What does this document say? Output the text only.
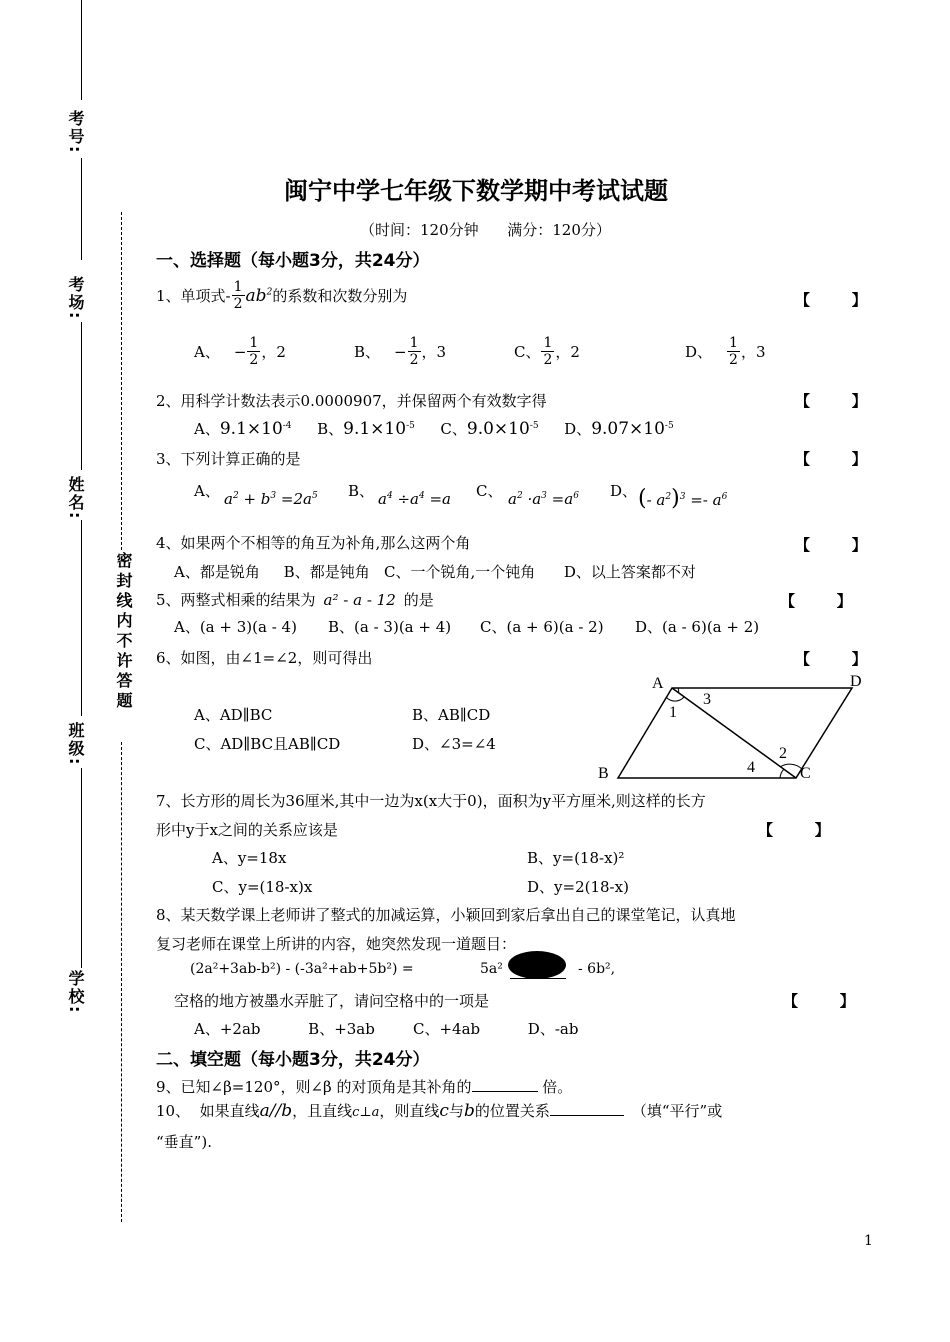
考号:
考场:
姓名:
班级:
学校:
密封线内不许答题
闽宁中学七年级下数学期中考试试题
（时间：120分钟      满分：120分）
一、选择题（每小题3分，共24分）
1、单项式- $\frac{1}{2} ab^2$ 的系数和次数分别为	【        】
A、 − $\frac{1}{2}$ ，2	B、 − $\frac{1}{2}$ ，3	C、 $\frac{1}{2}$ ，2	D、 $\frac{1}{2}$ ，3
2、用科学计数法表示0.0000907，并保留两个有效数字得	【        】
A、$9.1\times 10^{-4}$ B、$9.1\times 10^{-5}$ C、$9.0\times 10^{-5}$ D、$9.07\times 10^{-5}$
3、下列计算正确的是	【        】
A、 $a^2 + b^3 =2a^5$ B、 $a^4 \div a^4 =a$ C、 $a^2 \cdot a^3 =a^6$ D、 (- $a^2)^3 =- a^6$
4、如果两个不相等的角互为补角,那么这两个角	【        】
A、都是锐角     B、都是钝角   C、一个锐角,一个钝角      D、以上答案都不对
5、两整式相乘的结果为 a² - a - 12 的是	【        】
A、(a + 3)(a - 4) B、(a - 3)(a + 4) C、(a + 6)(a - 2) D、(a - 6)(a + 2)
6、如图，由∠1=∠2，则可得出	【        】
A、AD∥BC	B、AB∥CD
C、AD∥BC且AB∥CD	D、∠3=∠4
A	D
B	C
1
3
2
4
7、长方形的周长为36厘米,其中一边为x(x大于0)，面积为y平方厘米,则这样的长方
形中y于x之间的关系应该是	【        】
A、y=18x	B、y=(18-x)²
C、y=(18-x)x	D、y=2(18-x)
8、某天数学课上老师讲了整式的加减运算，小颖回到家后拿出自己的课堂笔记，认真地
复习老师在课堂上所讲的内容，她突然发现一道题目：
(2a²+3ab-b²) - (-3a²+ab+5b²) =	5a²	- 6b²,
空格的地方被墨水弄脏了，请问空格中的一项是	【        】
A、+2ab          B、+3ab        C、+4ab          D、-ab
二、填空题（每小题3分，共24分）
9、已知∠β=120°，则∠β 的对顶角是其补角的	倍。
10、  如果直线a//b，且直线c⊥a，则直线c与b的位置关系	（填“平行”或
“垂直”).
1
